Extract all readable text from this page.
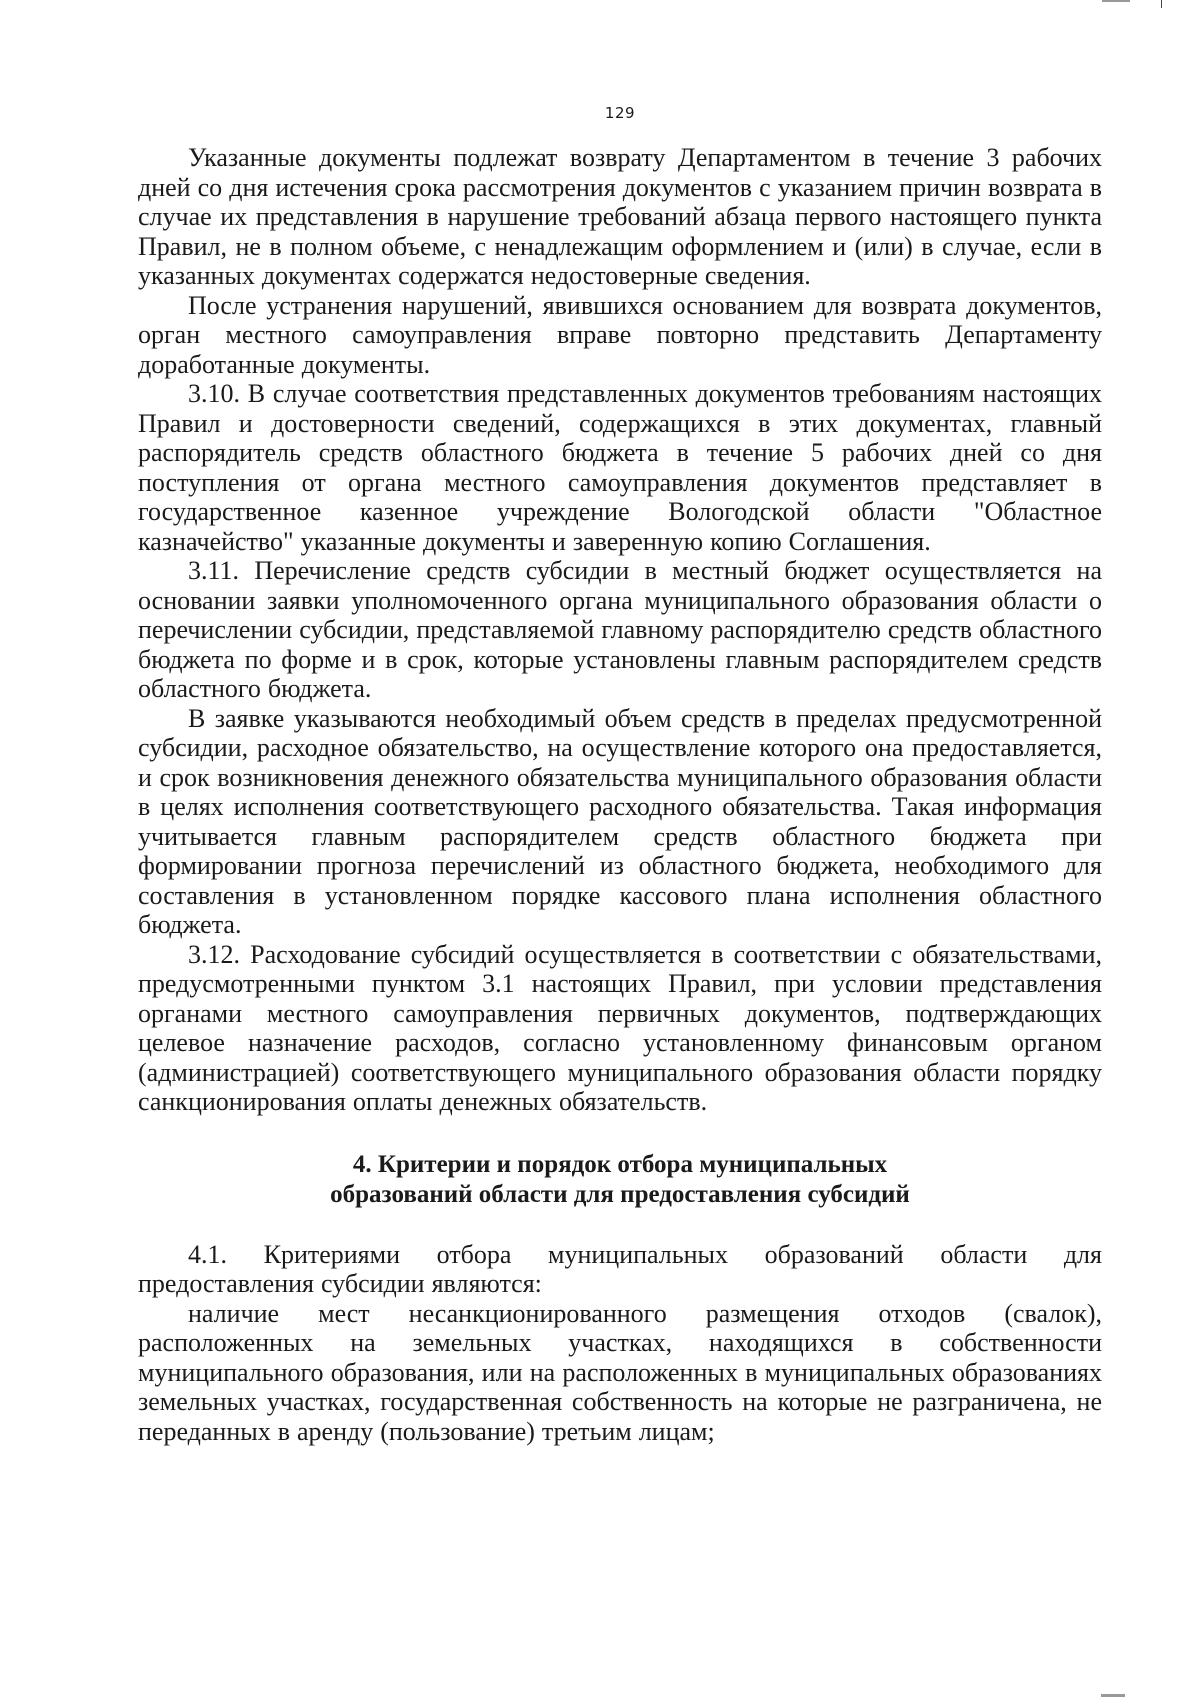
129

Указанные документы подлежат возврату Департаментом в течение 3 рабочих дней со дня истечения срока рассмотрения документов с указанием причин возврата в случае их представления в нарушение требований абзаца первого настоящего пункта Правил, не в полном объеме, с ненадлежащим оформлением и (или) в случае, если в указанных документах содержатся недостоверные сведения.

После устранения нарушений, явившихся основанием для возврата документов, орган местного самоуправления вправе повторно представить Департаменту доработанные документы.

3.10. В случае соответствия представленных документов требованиям настоящих Правил и достоверности сведений, содержащихся в этих документах, главный распорядитель средств областного бюджета в течение 5 рабочих дней со дня поступления от органа местного самоуправления документов представляет в государственное казенное учреждение Вологодской области "Областное казначейство" указанные документы и заверенную копию Соглашения.

3.11. Перечисление средств субсидии в местный бюджет осуществляется на основании заявки уполномоченного органа муниципального образования области о перечислении субсидии, представляемой главному распорядителю средств областного бюджета по форме и в срок, которые установлены главным распорядителем средств областного бюджета.

В заявке указываются необходимый объем средств в пределах предусмотренной субсидии, расходное обязательство, на осуществление которого она предоставляется, и срок возникновения денежного обязательства муниципального образования области в целях исполнения соответствующего расходного обязательства. Такая информация учитывается главным распорядителем средств областного бюджета при формировании прогноза перечислений из областного бюджета, необходимого для составления в установленном порядке кассового плана исполнения областного бюджета.

3.12. Расходование субсидий осуществляется в соответствии с обязательствами, предусмотренными пунктом 3.1 настоящих Правил, при условии представления органами местного самоуправления первичных документов, подтверждающих целевое назначение расходов, согласно установленному финансовым органом (администрацией) соответствующего муниципального образования области порядку санкционирования оплаты денежных обязательств.

4. Критерии и порядок отбора муниципальных
образований области для предоставления субсидий

4.1. Критериями отбора муниципальных образований области для предоставления субсидии являются:

наличие мест несанкционированного размещения отходов (свалок), расположенных на земельных участках, находящихся в собственности муниципального образования, или на расположенных в муниципальных образованиях земельных участках, государственная собственность на которые не разграничена, не переданных в аренду (пользование) третьим лицам;
